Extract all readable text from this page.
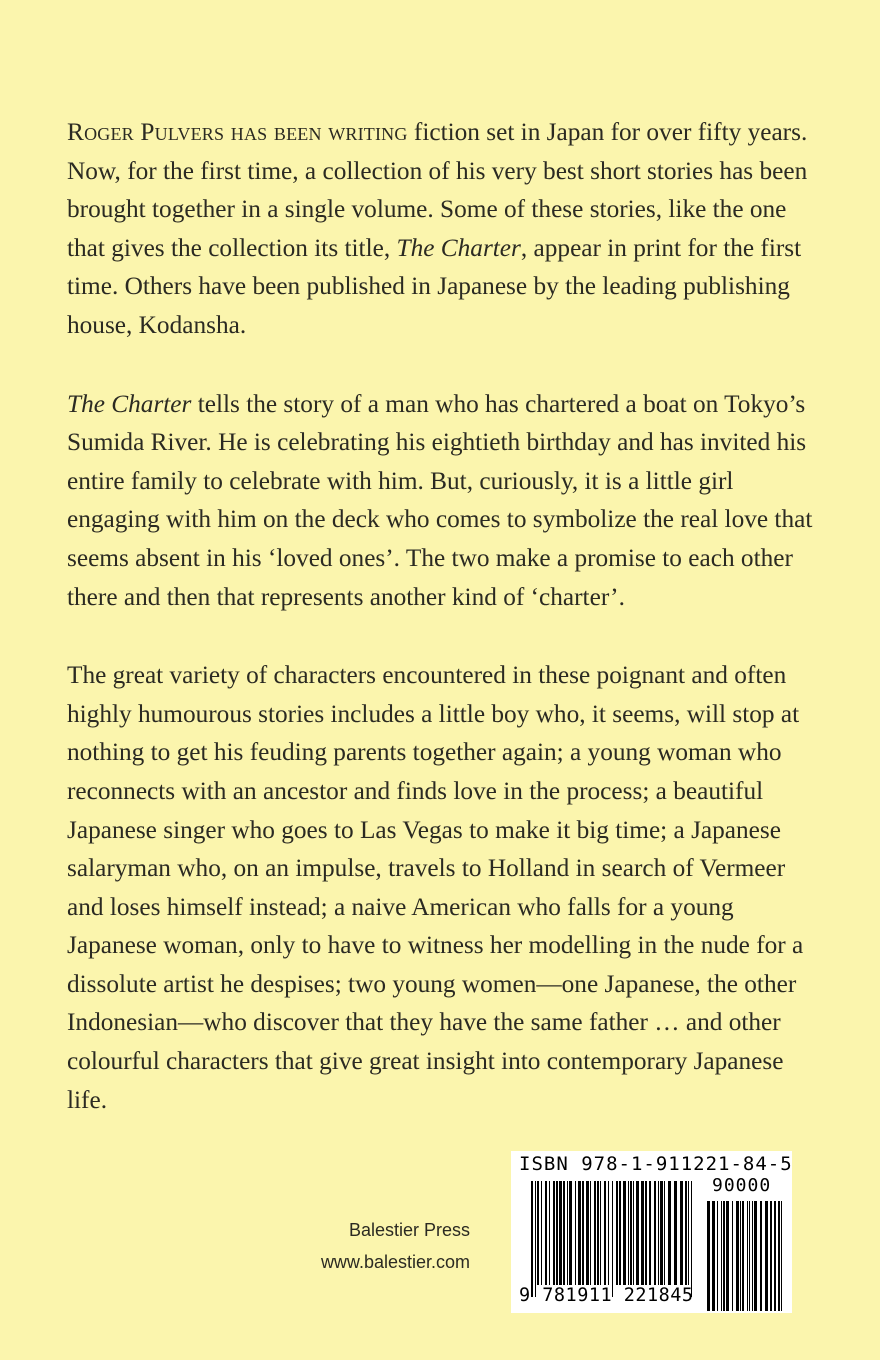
Roger Pulvers has been writing fiction set in Japan for over fifty years. Now, for the first time, a collection of his very best short stories has been brought together in a single volume. Some of these stories, like the one that gives the collection its title, The Charter, appear in print for the first time. Others have been published in Japanese by the leading publishing house, Kodansha.

The Charter tells the story of a man who has chartered a boat on Tokyo’s Sumida River. He is celebrating his eightieth birthday and has invited his entire family to celebrate with him. But, curiously, it is a little girl engaging with him on the deck who comes to symbolize the real love that seems absent in his ‘loved ones’. The two make a promise to each other there and then that represents another kind of ‘charter’.

The great variety of characters encountered in these poignant and often highly humourous stories includes a little boy who, it seems, will stop at nothing to get his feuding parents together again; a young woman who reconnects with an ancestor and finds love in the process; a beautiful Japanese singer who goes to Las Vegas to make it big time; a Japanese salaryman who, on an impulse, travels to Holland in search of Vermeer and loses himself instead; a naive American who falls for a young Japanese woman, only to have to witness her modelling in the nude for a dissolute artist he despises; two young women—one Japanese, the other Indonesian—who discover that they have the same father … and other colourful characters that give great insight into contemporary Japanese life.

Balestier Press
www.balestier.com
ISBN 978-1-911221-84-5
90000
9 781911 221845
